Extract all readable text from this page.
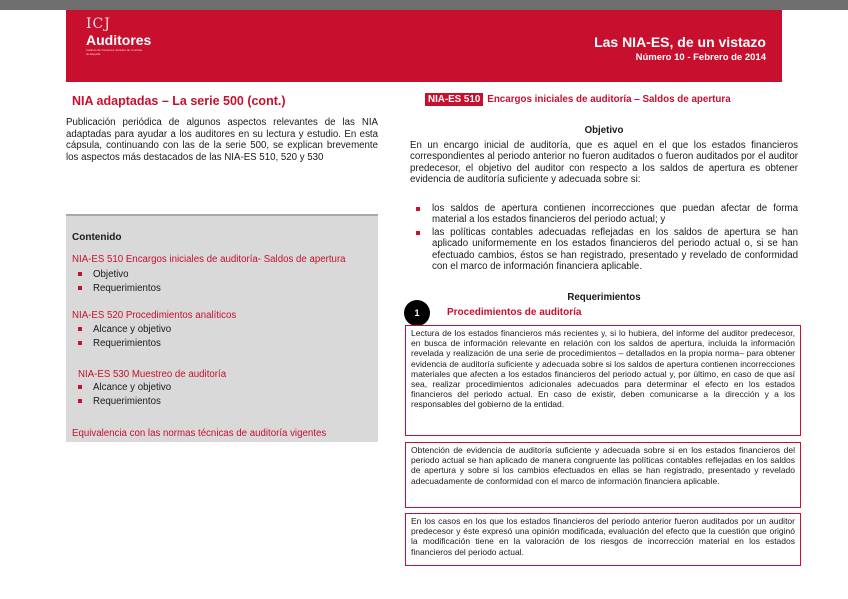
ICJ
Auditores
Instituto de Censores Jurados de Cuentas de España
Las NIA-ES, de un vistazo
Número 10 - Febrero de 2014
NIA adaptadas – La serie 500 (cont.)

Publicación periódica de algunos aspectos relevantes de las NIA adaptadas para ayudar a los auditores en su lectura y estudio. En esta cápsula, continuando con las de la serie 500, se explican brevemente los aspectos más destacados de las NIA-ES 510, 520 y 530

Contenido
NIA-ES 510 Encargos iniciales de auditoría- Saldos de apertura
Objetivo
Requerimientos
NIA-ES 520 Procedimientos analíticos
Alcance y objetivo
Requerimientos
NIA-ES 530 Muestreo de auditoría
Alcance y objetivo
Requerimientos
Equivalencia con las normas técnicas de auditoría vigentes
NIA-ES 510 Encargos iniciales de auditoría – Saldos de apertura
Objetivo

En un encargo inicial de auditoría, que es aquel en el que los estados financieros correspondientes al periodo anterior no fueron auditados o fueron auditados por el auditor predecesor, el objetivo del auditor con respecto a los saldos de apertura es obtener evidencia de auditoría suficiente y adecuada sobre si:

los saldos de apertura contienen incorrecciones que puedan afectar de forma material a los estados financieros del periodo actual; y
las políticas contables adecuadas reflejadas en los saldos de apertura se han aplicado uniformemente en los estados financieros del periodo actual o, si se han efectuado cambios, éstos se han registrado, presentado y revelado de conformidad con el marco de información financiera aplicable.
Requerimientos
1	Procedimientos de auditoría
Lectura de los estados financieros más recientes y, si lo hubiera, del informe del auditor predecesor, en busca de información relevante en relación con los saldos de apertura, incluida la información revelada y realización de una serie de procedimientos – detallados en la propia norma– para obtener evidencia de auditoría suficiente y adecuada sobre si los saldos de apertura contienen incorrecciones materiales que afecten a los estados financieros del periodo actual y, por último, en caso de que así sea, realizar procedimientos adicionales adecuados para determinar el efecto en los estados financieros del periodo actual. En caso de existir, deben comunicarse a la dirección y a los responsables del gobierno de la entidad.
Obtención de evidencia de auditoría suficiente y adecuada sobre si en los estados financieros del periodo actual se han aplicado de manera congruente las políticas contables reflejadas en los saldos de apertura y sobre si los cambios efectuados en ellas se han registrado, presentado y revelado adecuadamente de conformidad con el marco de información financiera aplicable.
En los casos en los que los estados financieros del periodo anterior fueron auditados por un auditor predecesor y éste expresó una opinión modificada, evaluación del efecto que la cuestión que originó la modificación tiene en la valoración de los riesgos de incorrección material en los estados financieros del periodo actual.
